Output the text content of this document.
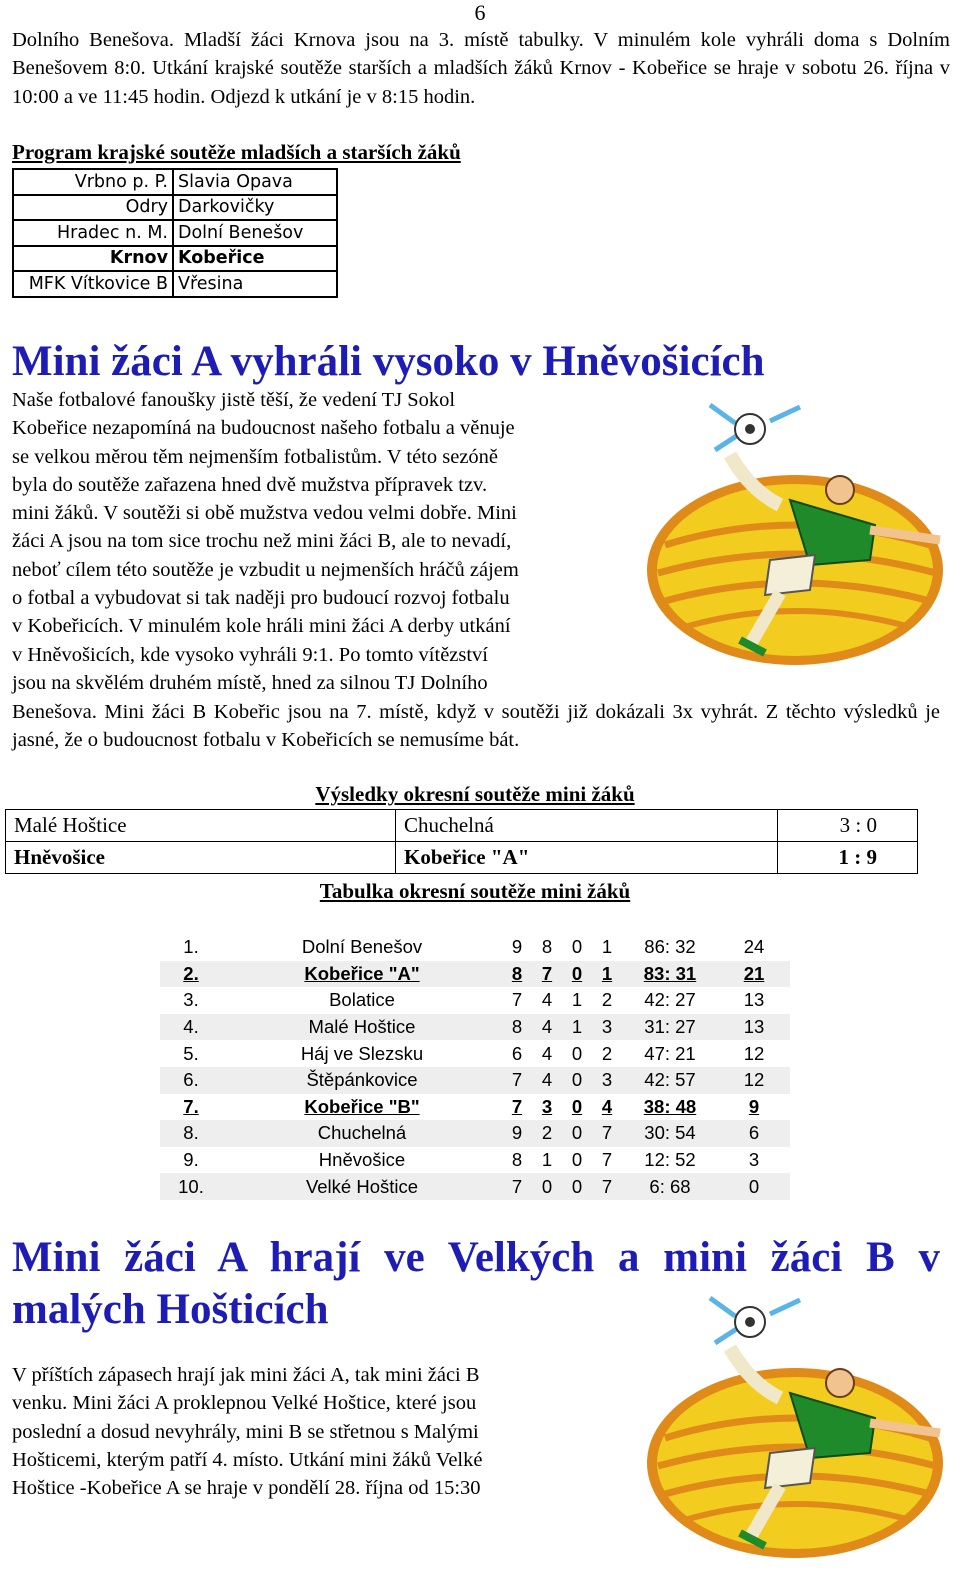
6
Dolního Benešova. Mladší žáci Krnova jsou na 3. místě tabulky. V minulém kole vyhráli doma s Dolním Benešovem 8:0. Utkání krajské soutěže starších a mladších žáků Krnov - Kobeřice se hraje v sobotu 26. října v 10:00 a ve 11:45 hodin. Odjezd k utkání je v 8:15 hodin.
Program krajské soutěže mladších a starších žáků
Vrbno p. P.	Slavia Opava
Odry	Darkovičky
Hradec n. M.	Dolní Benešov
Krnov	Kobeřice
MFK Vítkovice B	Vřesina
Mini žáci A vyhráli vysoko v Hněvošicích
Naše fotbalové fanoušky jistě těší, že vedení TJ Sokol
Kobeřice nezapomíná na budoucnost našeho fotbalu a věnuje
se velkou měrou těm nejmenším fotbalistům. V této sezóně
byla do soutěže zařazena hned dvě mužstva přípravek tzv.
mini žáků. V soutěži si obě mužstva vedou velmi dobře. Mini
žáci A jsou na tom sice trochu než mini žáci B, ale to nevadí,
neboť cílem této soutěže je vzbudit u nejmenších hráčů zájem
o fotbal a vybudovat si tak naději pro budoucí rozvoj fotbalu
v Kobeřicích. V minulém kole hráli mini žáci A derby utkání
v Hněvošicích, kde vysoko vyhráli 9:1. Po tomto vítězství
jsou na skvělém druhém místě, hned za silnou TJ Dolního
Benešova. Mini žáci B Kobeřic jsou na 7. místě, když v soutěži již dokázali 3x vyhrát. Z těchto výsledků je jasné, že o budoucnost fotbalu v Kobeřicích se nemusíme bát.
Výsledky okresní soutěže mini žáků
Malé Hoštice	Chuchelná	3 : 0
Hněvošice	Kobeřice "A"	1 : 9
Tabulka okresní soutěže mini žáků
1.	Dolní Benešov	9	8	0	1	86: 32	24
2.	Kobeřice "A"	8	7	0	1	83: 31	21
3.	Bolatice	7	4	1	2	42: 27	13
4.	Malé Hoštice	8	4	1	3	31: 27	13
5.	Háj ve Slezsku	6	4	0	2	47: 21	12
6.	Štěpánkovice	7	4	0	3	42: 57	12
7.	Kobeřice "B"	7	3	0	4	38: 48	9
8.	Chuchelná	9	2	0	7	30: 54	6
9.	Hněvošice	8	1	0	7	12: 52	3
10.	Velké Hoštice	7	0	0	7	6: 68	0
Mini žáci A hrají ve Velkých a mini žáci B v malých Hošticích
V příštích zápasech hrají jak mini žáci A, tak mini žáci B
venku. Mini žáci A proklepnou Velké Hoštice, které jsou
poslední a dosud nevyhrály, mini B se střetnou s Malými
Hošticemi, kterým patří 4. místo. Utkání mini žáků Velké
Hoštice -Kobeřice A se hraje v pondělí 28. října od 15:30
